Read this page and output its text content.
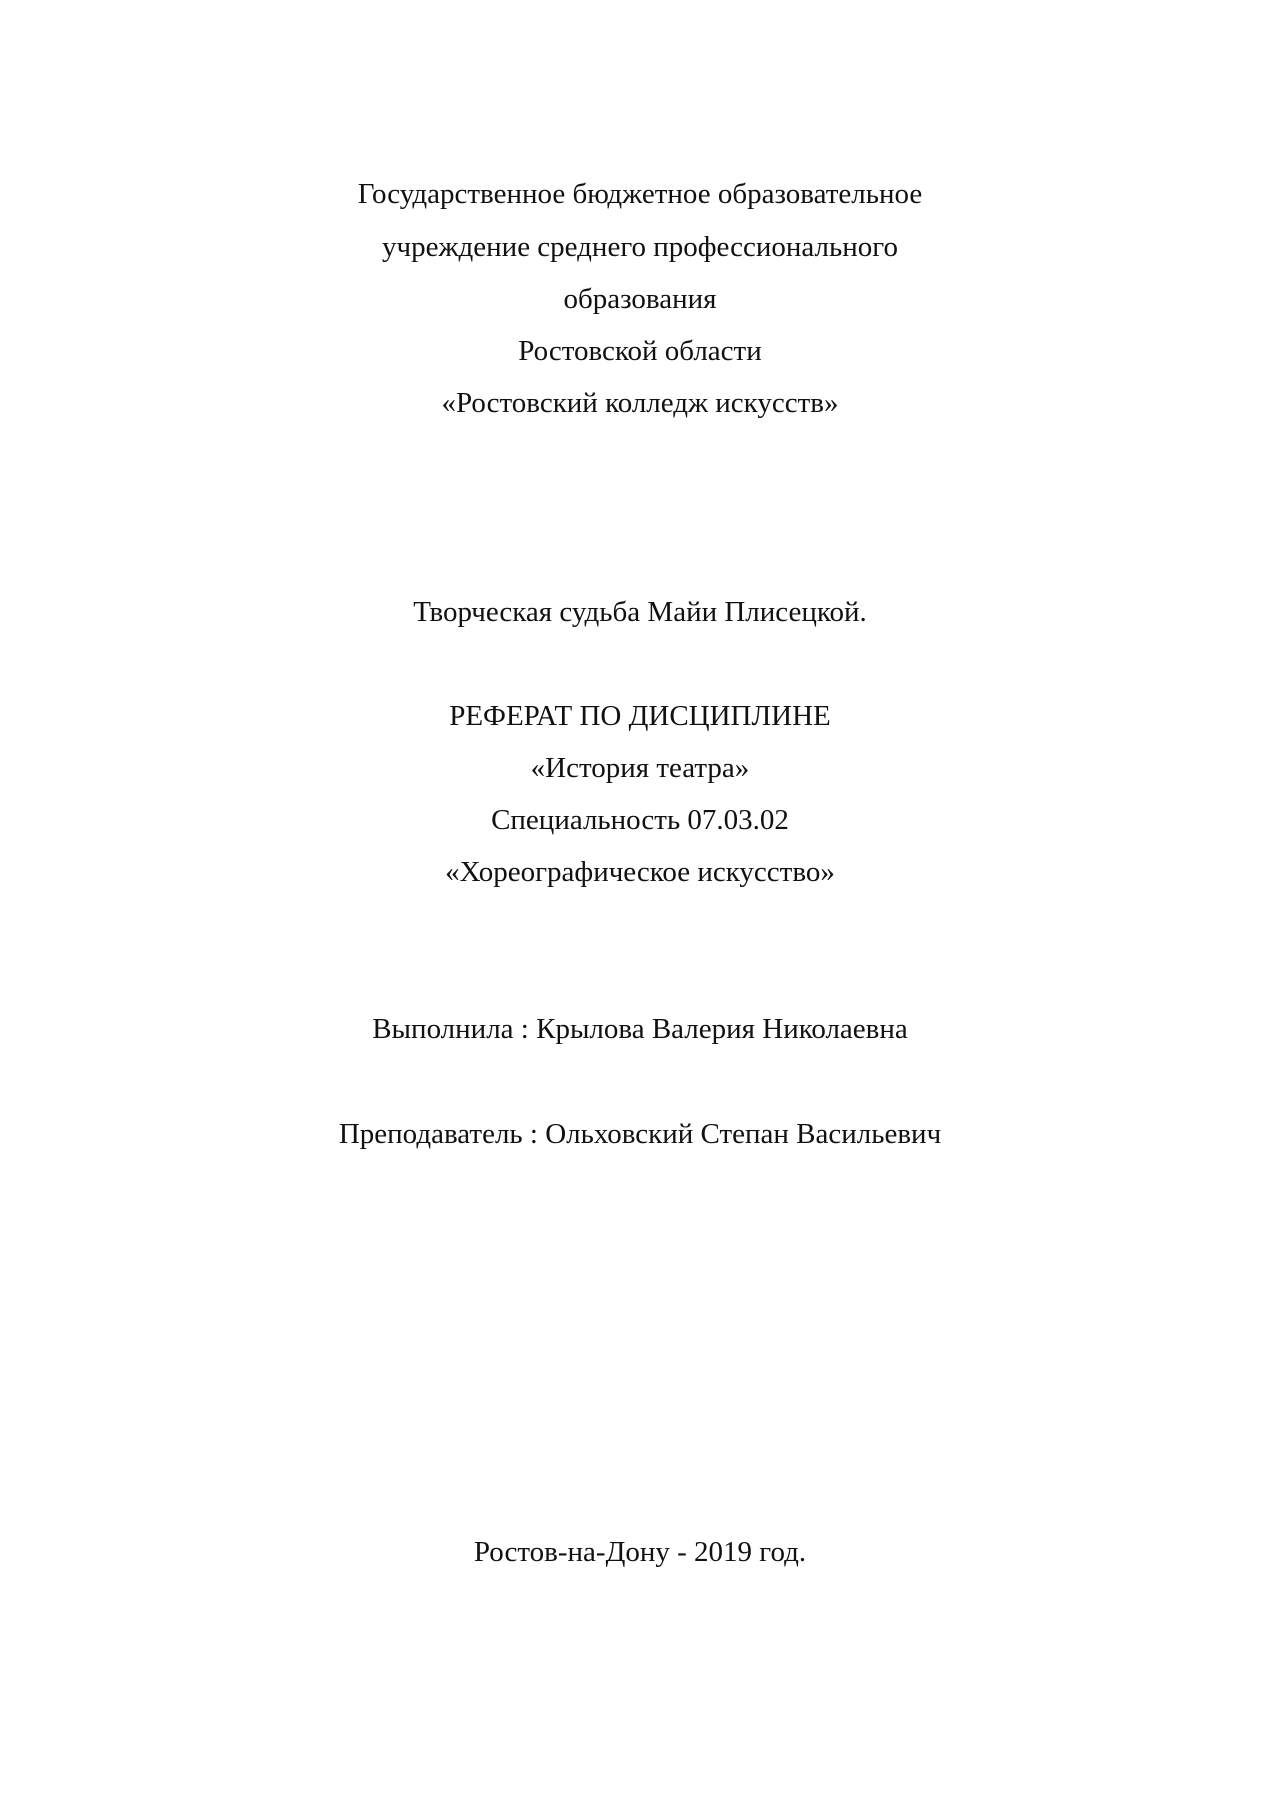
Государственное бюджетное образовательное
учреждение среднего профессионального
образования
Ростовской области
«Ростовский колледж искусств»
Творческая судьба Майи Плисецкой.
РЕФЕРАТ ПО ДИСЦИПЛИНЕ
«История театра»
Специальность 07.03.02
«Хореографическое искусство»
Выполнила : Крылова Валерия Николаевна
Преподаватель : Ольховский Степан Васильевич
Ростов-на-Дону - 2019 год.
